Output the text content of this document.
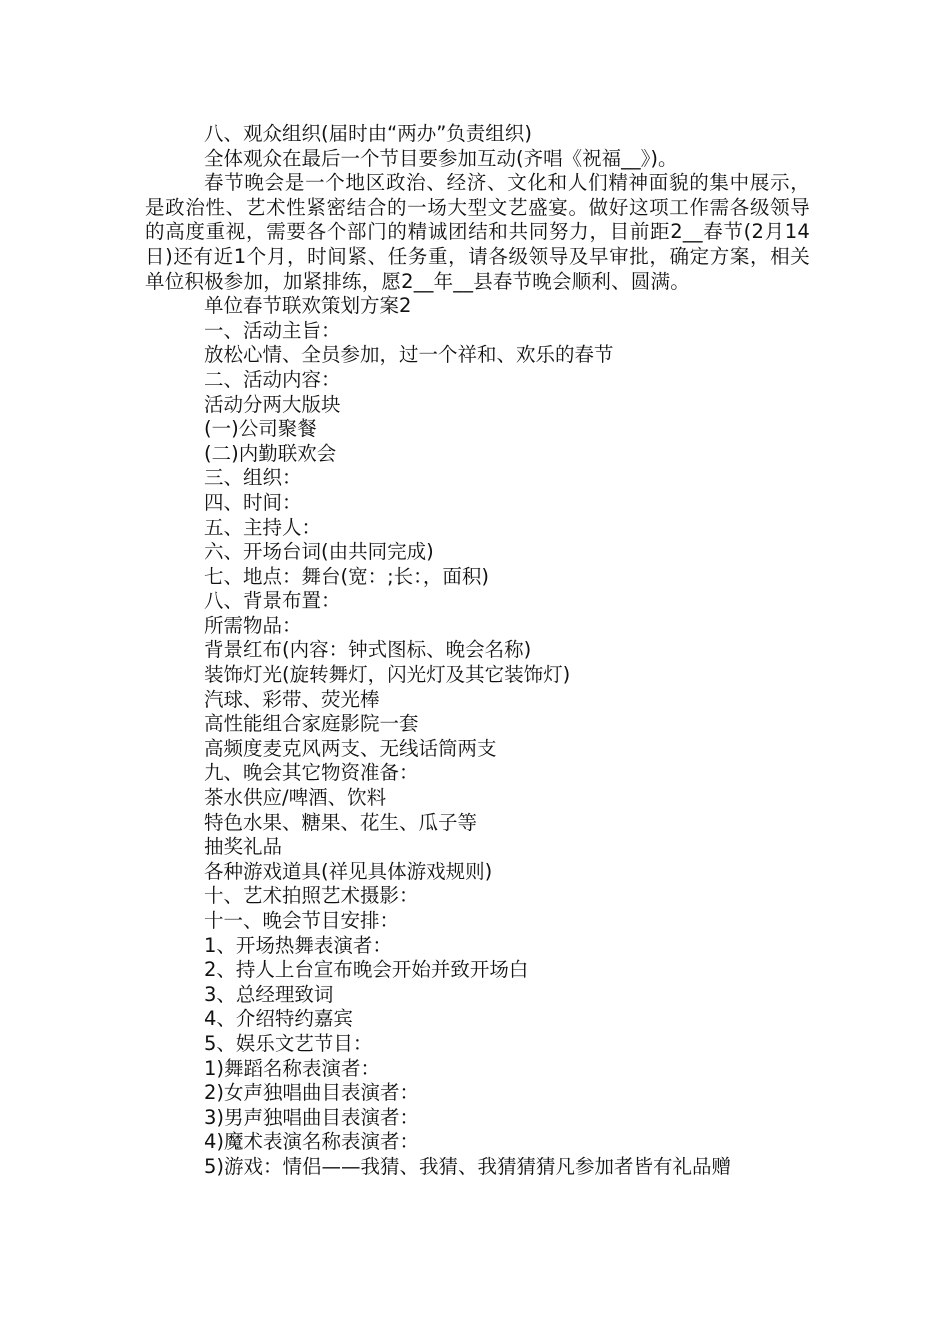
八、观众组织(届时由“两办”负责组织)
全体观众在最后一个节目要参加互动(齐唱《祝福__》)。
春节晚会是一个地区政治、经济、文化和人们精神面貌的集中展示，是政治性、艺术性紧密结合的一场大型文艺盛宴。做好这项工作需各级领导的高度重视，需要各个部门的精诚团结和共同努力，目前距2__春节(2月14日)还有近1个月，时间紧、任务重，请各级领导及早审批，确定方案，相关单位积极参加，加紧排练，愿2__年__县春节晚会顺利、圆满。
单位春节联欢策划方案2
一、活动主旨：
放松心情、全员参加，过一个祥和、欢乐的春节
二、活动内容：
活动分两大版块
(一)公司聚餐
(二)内勤联欢会
三、组织：
四、时间：
五、主持人：
六、开场台词(由共同完成)
七、地点：舞台(宽：;长：，面积)
八、背景布置：
所需物品：
背景红布(内容：钟式图标、晚会名称)
装饰灯光(旋转舞灯，闪光灯及其它装饰灯)
汽球、彩带、荧光棒
高性能组合家庭影院一套
高频度麦克风两支、无线话筒两支
九、晚会其它物资准备：
茶水供应/啤酒、饮料
特色水果、糖果、花生、瓜子等
抽奖礼品
各种游戏道具(祥见具体游戏规则)
十、艺术拍照艺术摄影：
十一、晚会节目安排：
1、开场热舞表演者：
2、持人上台宣布晚会开始并致开场白
3、总经理致词
4、介绍特约嘉宾
5、娱乐文艺节目：
1)舞蹈名称表演者：
2)女声独唱曲目表演者：
3)男声独唱曲目表演者：
4)魔术表演名称表演者：
5)游戏：情侣——我猜、我猜、我猜猜猜凡参加者皆有礼品赠
